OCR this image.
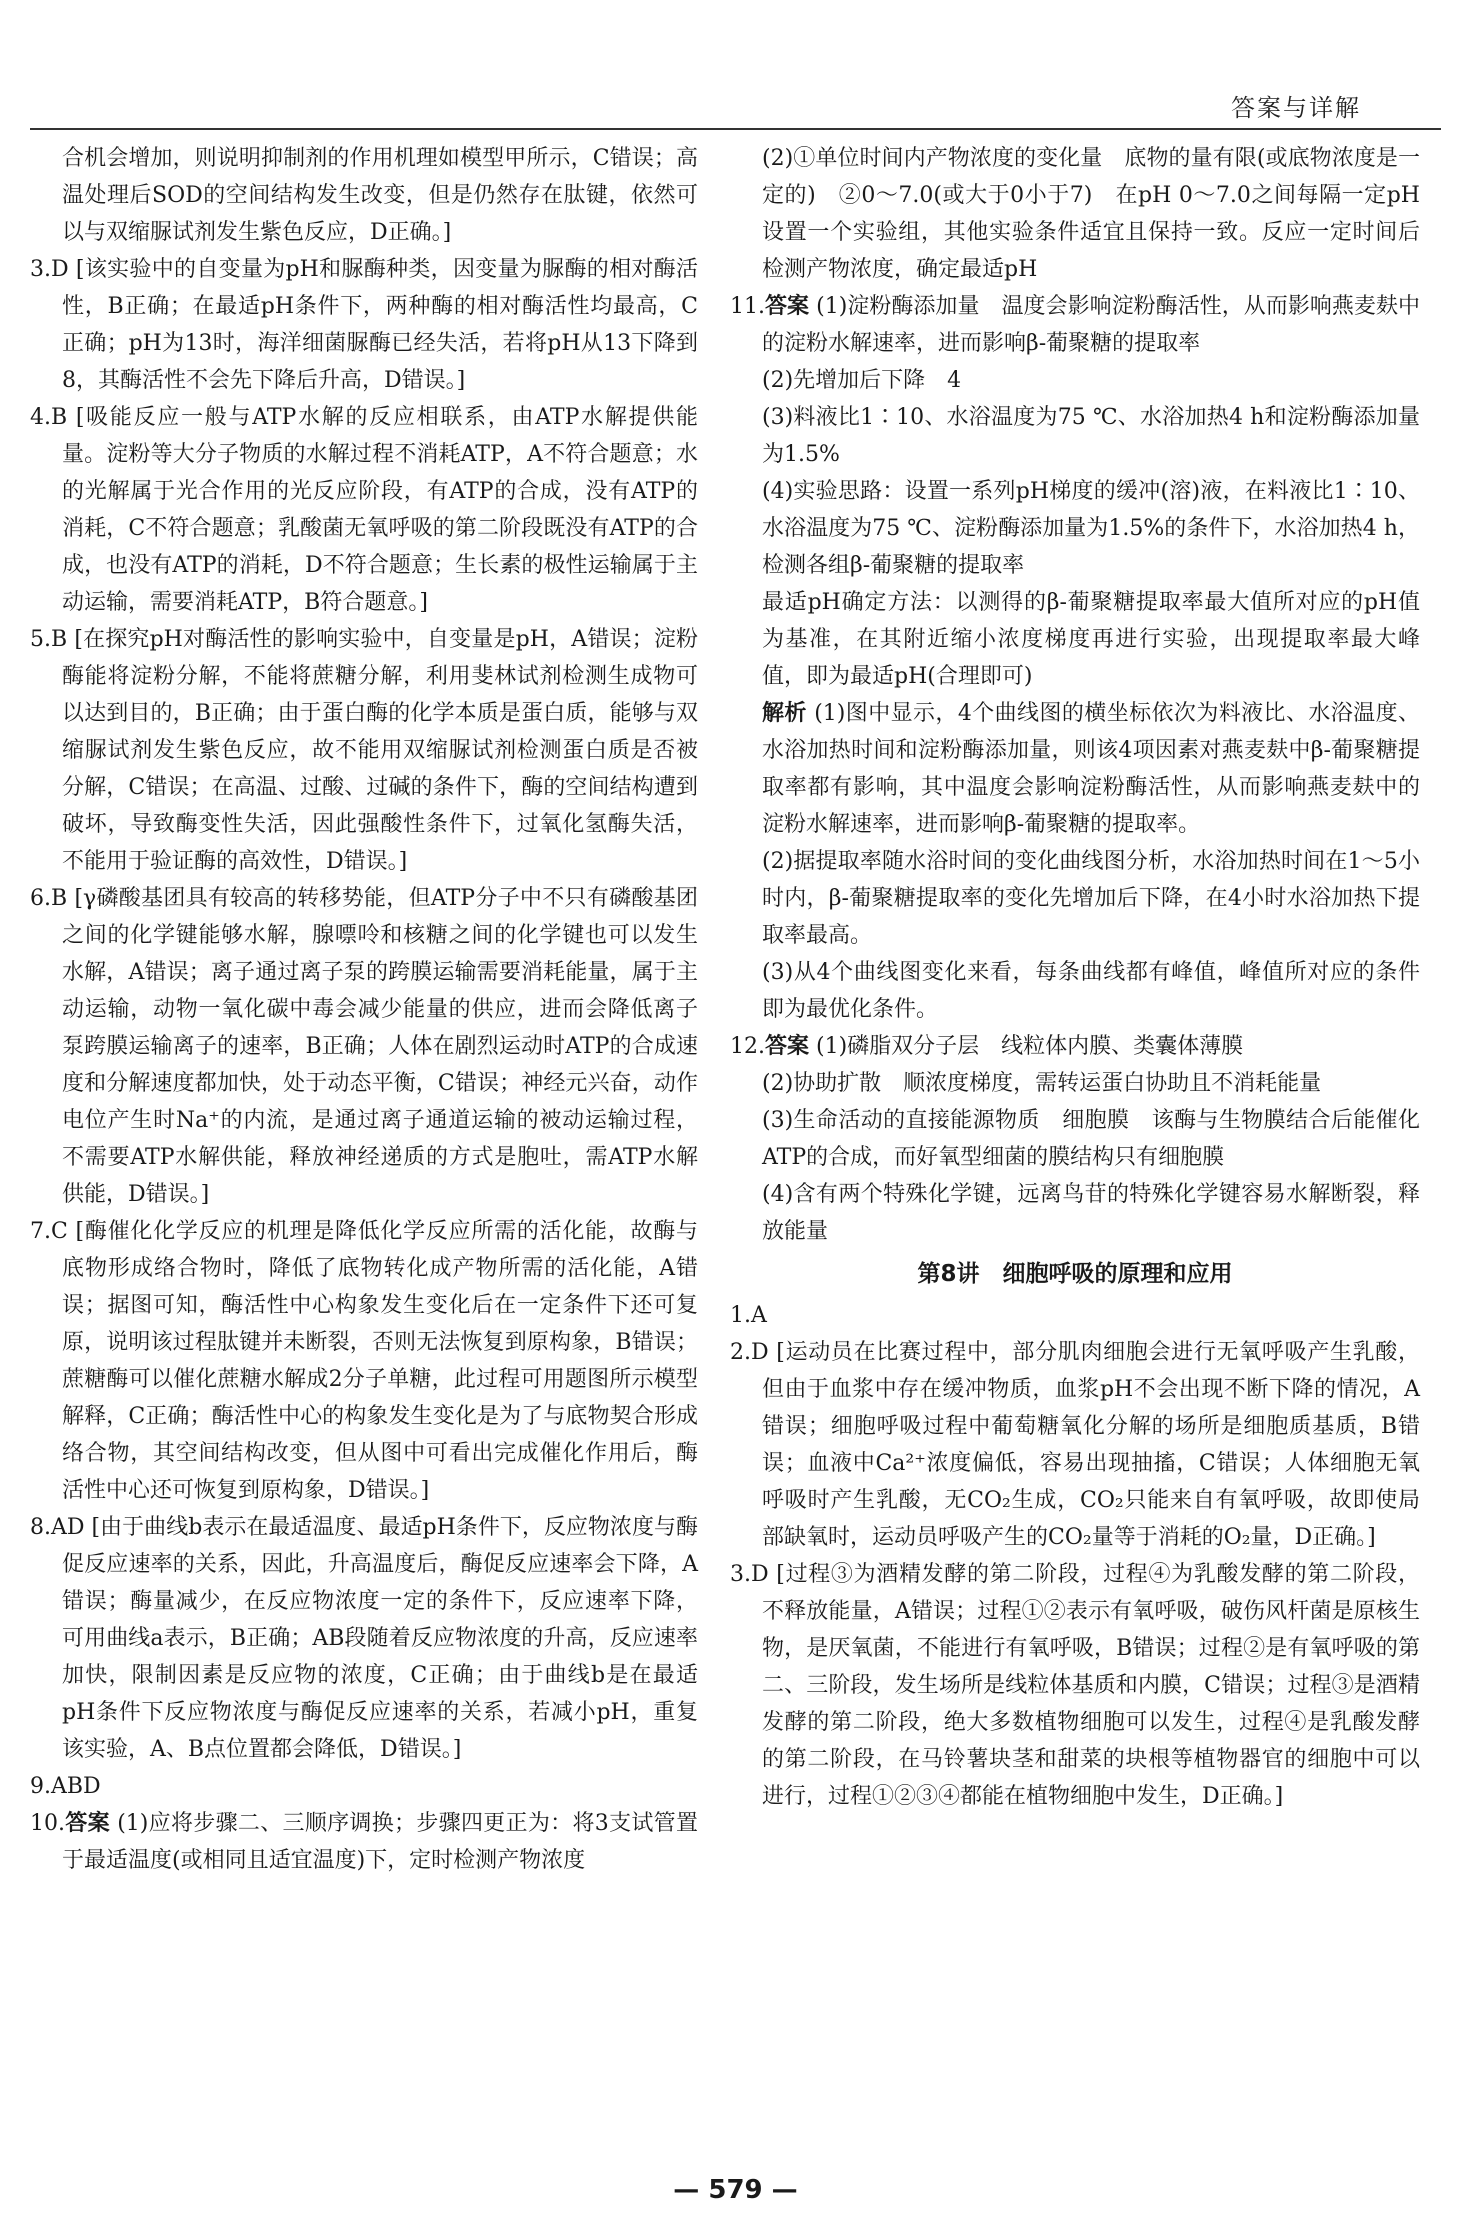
答案与详解

合机会增加，则说明抑制剂的作用机理如模型甲所示，C错误；高温处理后SOD的空间结构发生改变，但是仍然存在肽键，依然可以与双缩脲试剂发生紫色反应，D正确。]

3.D [该实验中的自变量为pH和脲酶种类，因变量为脲酶的相对酶活性，B正确；在最适pH条件下，两种酶的相对酶活性均最高，C正确；pH为13时，海洋细菌脲酶已经失活，若将pH从13下降到8，其酶活性不会先下降后升高，D错误。]

4.B [吸能反应一般与ATP水解的反应相联系，由ATP水解提供能量。淀粉等大分子物质的水解过程不消耗ATP，A不符合题意；水的光解属于光合作用的光反应阶段，有ATP的合成，没有ATP的消耗，C不符合题意；乳酸菌无氧呼吸的第二阶段既没有ATP的合成，也没有ATP的消耗，D不符合题意；生长素的极性运输属于主动运输，需要消耗ATP，B符合题意。]

5.B [在探究pH对酶活性的影响实验中，自变量是pH，A错误；淀粉酶能将淀粉分解，不能将蔗糖分解，利用斐林试剂检测生成物可以达到目的，B正确；由于蛋白酶的化学本质是蛋白质，能够与双缩脲试剂发生紫色反应，故不能用双缩脲试剂检测蛋白质是否被分解，C错误；在高温、过酸、过碱的条件下，酶的空间结构遭到破坏，导致酶变性失活，因此强酸性条件下，过氧化氢酶失活，不能用于验证酶的高效性，D错误。]

6.B [γ磷酸基团具有较高的转移势能，但ATP分子中不只有磷酸基团之间的化学键能够水解，腺嘌呤和核糖之间的化学键也可以发生水解，A错误；离子通过离子泵的跨膜运输需要消耗能量，属于主动运输，动物一氧化碳中毒会减少能量的供应，进而会降低离子泵跨膜运输离子的速率，B正确；人体在剧烈运动时ATP的合成速度和分解速度都加快，处于动态平衡，C错误；神经元兴奋，动作电位产生时Na⁺的内流，是通过离子通道运输的被动运输过程，不需要ATP水解供能，释放神经递质的方式是胞吐，需ATP水解供能，D错误。]

7.C [酶催化化学反应的机理是降低化学反应所需的活化能，故酶与底物形成络合物时，降低了底物转化成产物所需的活化能，A错误；据图可知，酶活性中心构象发生变化后在一定条件下还可复原，说明该过程肽键并未断裂，否则无法恢复到原构象，B错误；蔗糖酶可以催化蔗糖水解成2分子单糖，此过程可用题图所示模型解释，C正确；酶活性中心的构象发生变化是为了与底物契合形成络合物，其空间结构改变，但从图中可看出完成催化作用后，酶活性中心还可恢复到原构象，D错误。]

8.AD [由于曲线b表示在最适温度、最适pH条件下，反应物浓度与酶促反应速率的关系，因此，升高温度后，酶促反应速率会下降，A错误；酶量减少，在反应物浓度一定的条件下，反应速率下降，可用曲线a表示，B正确；AB段随着反应物浓度的升高，反应速率加快，限制因素是反应物的浓度，C正确；由于曲线b是在最适pH条件下反应物浓度与酶促反应速率的关系，若减小pH，重复该实验，A、B点位置都会降低，D错误。]

9.ABD

10.答案 (1)应将步骤二、三顺序调换；步骤四更正为：将3支试管置于最适温度(或相同且适宜温度)下，定时检测产物浓度

(2)①单位时间内产物浓度的变化量　底物的量有限(或底物浓度是一定的)　②0～7.0(或大于0小于7)　在pH 0～7.0之间每隔一定pH设置一个实验组，其他实验条件适宜且保持一致。反应一定时间后检测产物浓度，确定最适pH

11.答案 (1)淀粉酶添加量　温度会影响淀粉酶活性，从而影响燕麦麸中的淀粉水解速率，进而影响β-葡聚糖的提取率

(2)先增加后下降　4

(3)料液比1∶10、水浴温度为75 ℃、水浴加热4 h和淀粉酶添加量为1.5%

(4)实验思路：设置一系列pH梯度的缓冲(溶)液，在料液比1∶10、水浴温度为75 ℃、淀粉酶添加量为1.5%的条件下，水浴加热4 h，检测各组β-葡聚糖的提取率

最适pH确定方法：以测得的β-葡聚糖提取率最大值所对应的pH值为基准，在其附近缩小浓度梯度再进行实验，出现提取率最大峰值，即为最适pH(合理即可)

解析 (1)图中显示，4个曲线图的横坐标依次为料液比、水浴温度、水浴加热时间和淀粉酶添加量，则该4项因素对燕麦麸中β-葡聚糖提取率都有影响，其中温度会影响淀粉酶活性，从而影响燕麦麸中的淀粉水解速率，进而影响β-葡聚糖的提取率。

(2)据提取率随水浴时间的变化曲线图分析，水浴加热时间在1～5小时内，β-葡聚糖提取率的变化先增加后下降，在4小时水浴加热下提取率最高。

(3)从4个曲线图变化来看，每条曲线都有峰值，峰值所对应的条件即为最优化条件。

12.答案 (1)磷脂双分子层　线粒体内膜、类囊体薄膜

(2)协助扩散　顺浓度梯度，需转运蛋白协助且不消耗能量

(3)生命活动的直接能源物质　细胞膜　该酶与生物膜结合后能催化ATP的合成，而好氧型细菌的膜结构只有细胞膜

(4)含有两个特殊化学键，远离鸟苷的特殊化学键容易水解断裂，释放能量

第8讲　细胞呼吸的原理和应用

1.A

2.D [运动员在比赛过程中，部分肌肉细胞会进行无氧呼吸产生乳酸，但由于血浆中存在缓冲物质，血浆pH不会出现不断下降的情况，A错误；细胞呼吸过程中葡萄糖氧化分解的场所是细胞质基质，B错误；血液中Ca²⁺浓度偏低，容易出现抽搐，C错误；人体细胞无氧呼吸时产生乳酸，无CO₂生成，CO₂只能来自有氧呼吸，故即使局部缺氧时，运动员呼吸产生的CO₂量等于消耗的O₂量，D正确。]

3.D [过程③为酒精发酵的第二阶段，过程④为乳酸发酵的第二阶段，不释放能量，A错误；过程①②表示有氧呼吸，破伤风杆菌是原核生物，是厌氧菌，不能进行有氧呼吸，B错误；过程②是有氧呼吸的第二、三阶段，发生场所是线粒体基质和内膜，C错误；过程③是酒精发酵的第二阶段，绝大多数植物细胞可以发生，过程④是乳酸发酵的第二阶段，在马铃薯块茎和甜菜的块根等植物器官的细胞中可以进行，过程①②③④都能在植物细胞中发生，D正确。]

— 579 —
